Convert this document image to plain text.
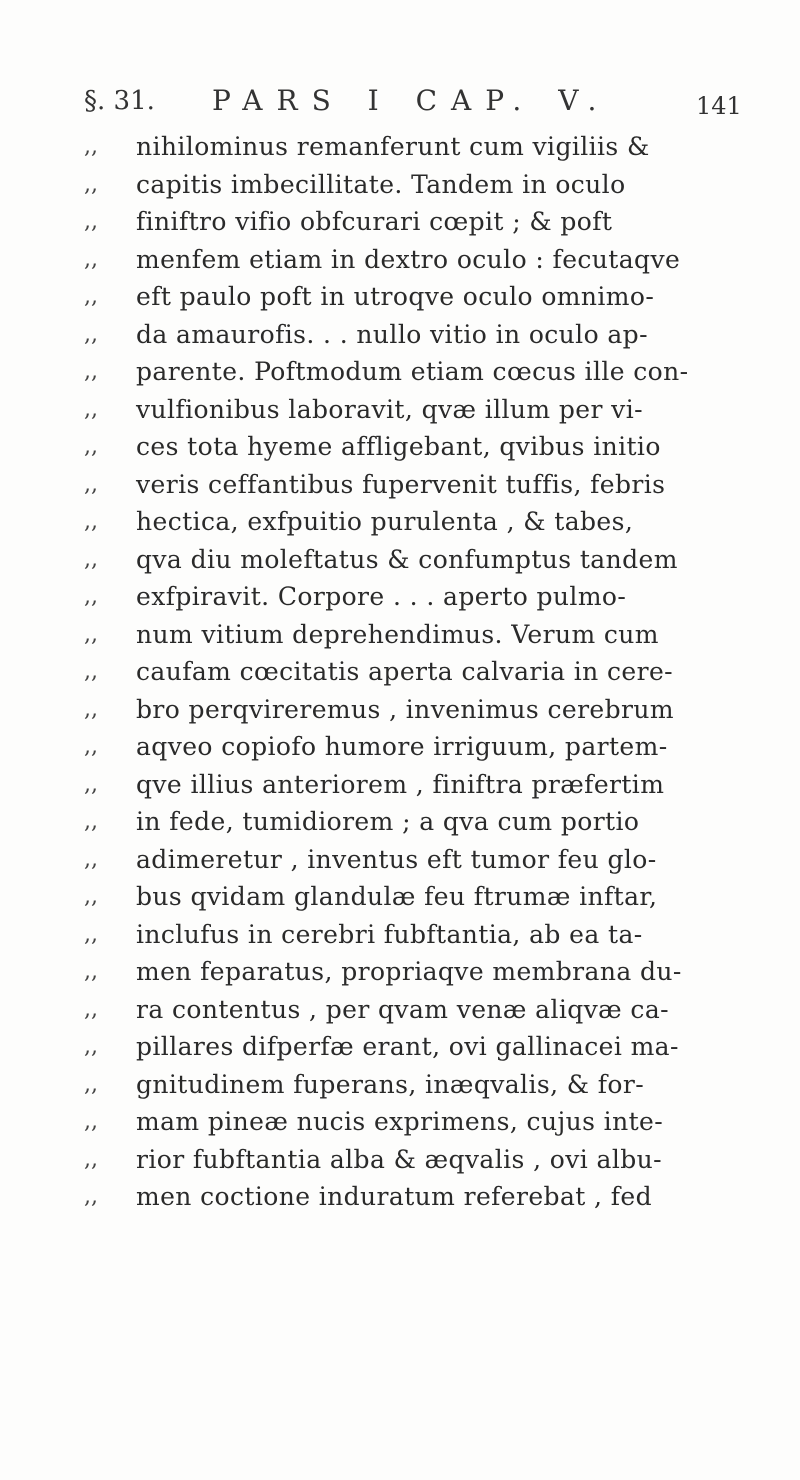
§. 31. PARS I CAP. V.	141
,, nihilominus remanferunt cum vigiliis &
,, capitis imbecillitate. Tandem in oculo
,, finiftro vifio obfcurari cœpit ; & poft
,, menfem etiam in dextro oculo : fecutaqve
,, eft paulo poft in utroqve oculo omnimo-
,, da amaurofis. . . nullo vitio in oculo ap-
,, parente. Poftmodum etiam cœcus ille con-
,, vulfionibus laboravit, qvæ illum per vi-
,, ces tota hyeme affligebant, qvibus initio
,, veris ceffantibus fupervenit tuffis, febris
,, hectica, exfpuitio purulenta , & tabes,
,, qva diu moleftatus & confumptus tandem
,, exfpiravit. Corpore . . . aperto pulmo-
,, num vitium deprehendimus. Verum cum
,, caufam cœcitatis aperta calvaria in cere-
,, bro perqvireremus , invenimus cerebrum
,, aqveo copiofo humore irriguum, partem-
,, qve illius anteriorem , finiftra præfertim
,, in fede, tumidiorem ; a qva cum portio
,, adimeretur , inventus eft tumor feu glo-
,, bus qvidam glandulæ feu ftrumæ inftar,
,, inclufus in cerebri fubftantia, ab ea ta-
,, men feparatus, propriaqve membrana du-
,, ra contentus , per qvam venæ aliqvæ ca-
,, pillares difperfæ erant, ovi gallinacei ma-
,, gnitudinem fuperans, inæqvalis, & for-
,, mam pineæ nucis exprimens, cujus inte-
,, rior fubftantia alba & æqvalis , ovi albu-
,, men coctione induratum referebat , fed
